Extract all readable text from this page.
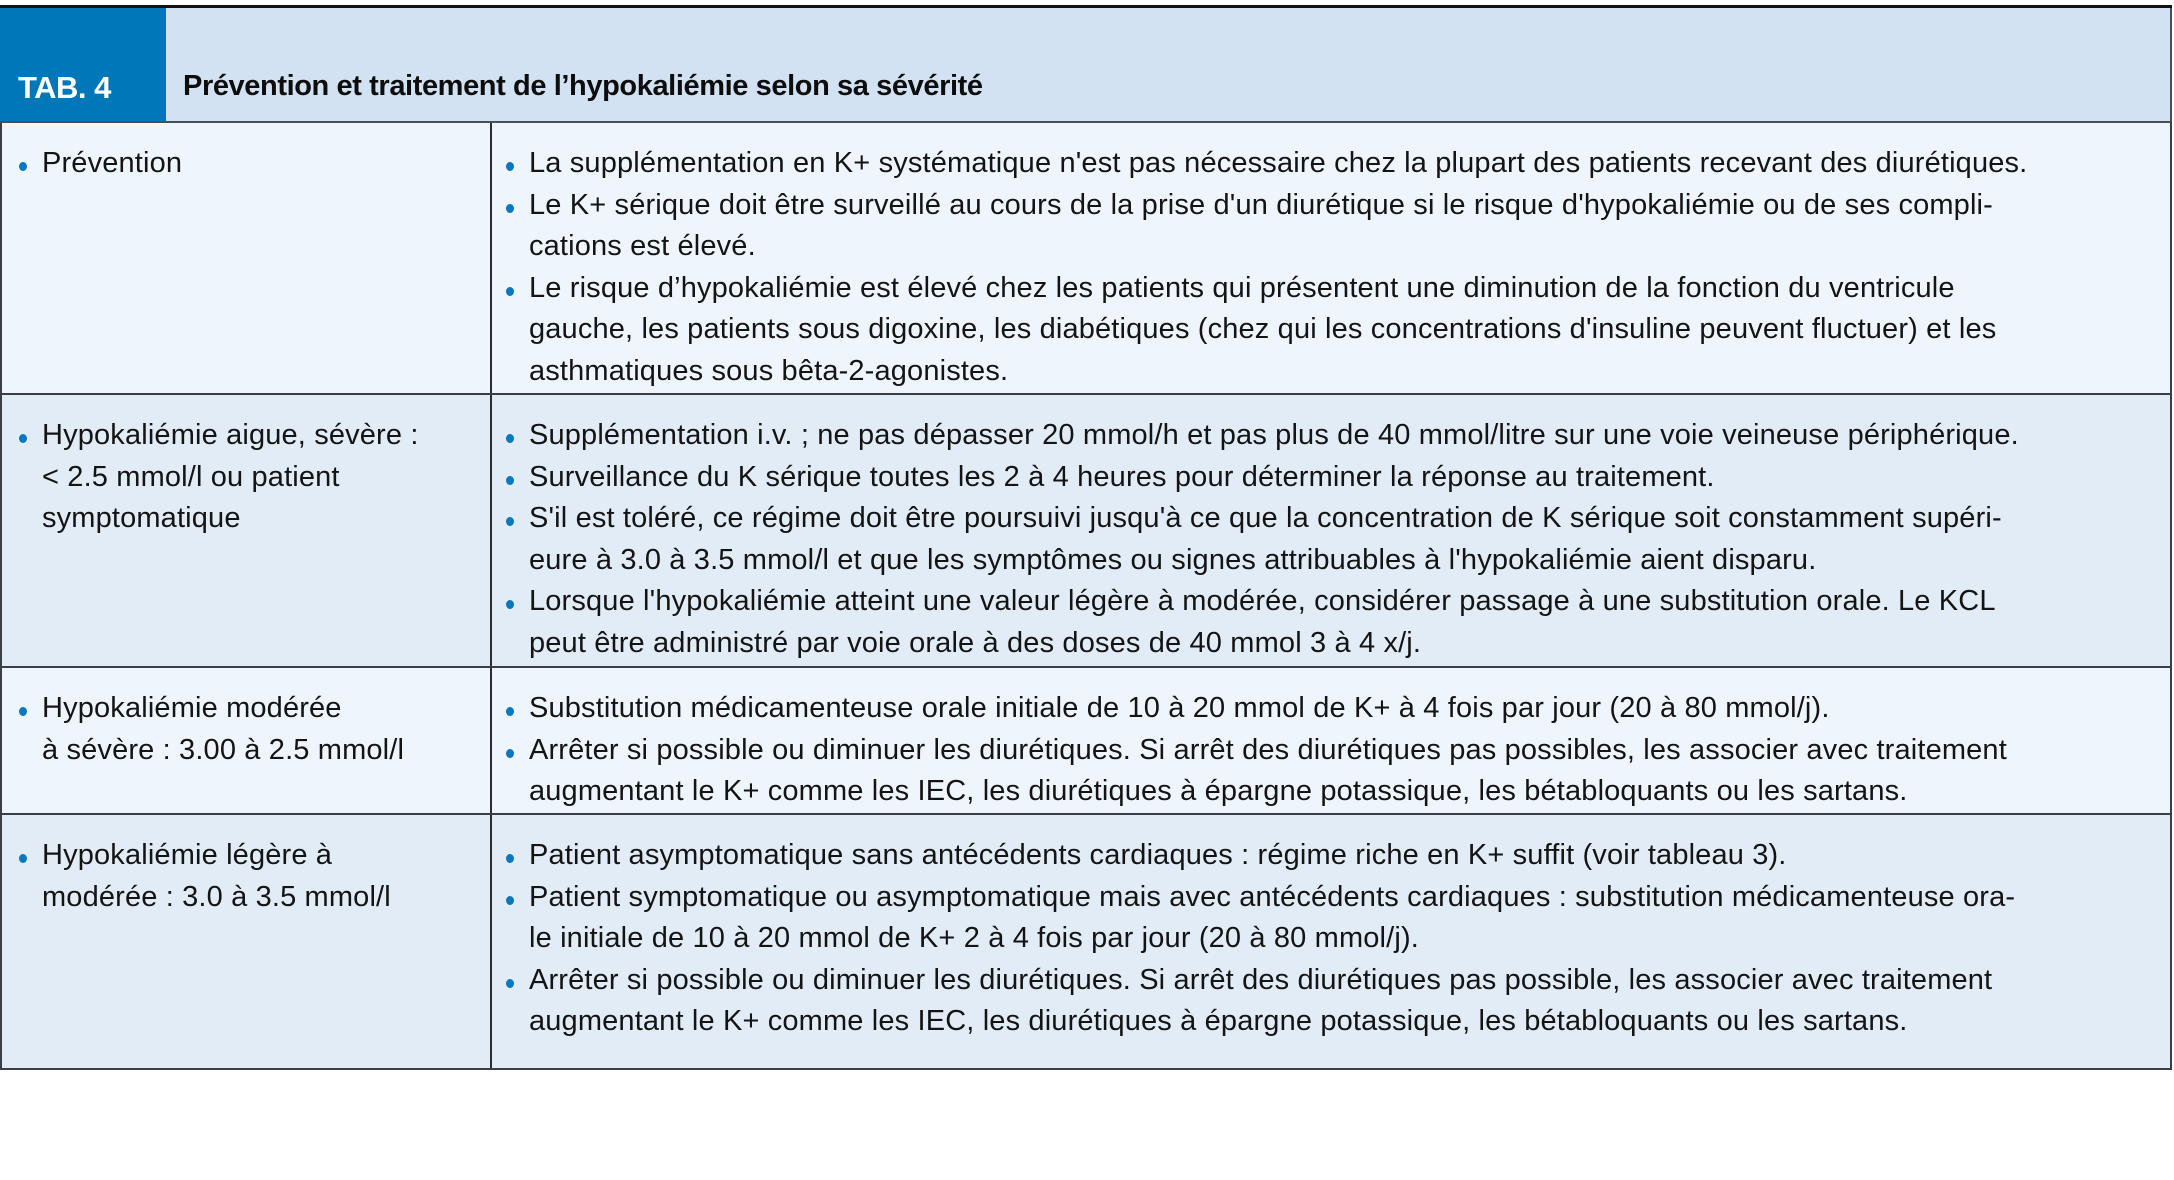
TAB. 4 Prévention et traitement de l’hypokaliémie selon sa sévérité
Prévention	La supplémentation en K+ systématique n'est pas nécessaire chez la plupart des patients recevant des diurétiques.
Le K+ sérique doit être surveillé au cours de la prise d'un diurétique si le risque d'hypokaliémie ou de ses compli-
cations est élevé.
Le risque d’hypokaliémie est élevé chez les patients qui présentent une diminution de la fonction du ventricule
gauche, les patients sous digoxine, les diabétiques (chez qui les concentrations d'insuline peuvent fluctuer) et les
asthmatiques sous bêta-2-agonistes.
Hypokaliémie aigue, sévère :
< 2.5 mmol/l ou patient
symptomatique
Supplémentation i.v. ; ne pas dépasser 20 mmol/h et pas plus de 40 mmol/litre sur une voie veineuse périphérique.
Surveillance du K sérique toutes les 2 à 4 heures pour déterminer la réponse au traitement.
S'il est toléré, ce régime doit être poursuivi jusqu'à ce que la concentration de K sérique soit constamment supéri-
eure à 3.0 à 3.5 mmol/l et que les symptômes ou signes attribuables à l'hypokaliémie aient disparu.
Lorsque l'hypokaliémie atteint une valeur légère à modérée, considérer passage à une substitution orale. Le KCL
peut être administré par voie orale à des doses de 40 mmol 3 à 4 x/j.
Hypokaliémie modérée
à sévère : 3.00 à 2.5 mmol/l
Substitution médicamenteuse orale initiale de 10 à 20 mmol de K+ à 4 fois par jour (20 à 80 mmol/j).
Arrêter si possible ou diminuer les diurétiques. Si arrêt des diurétiques pas possibles, les associer avec traitement
augmentant le K+ comme les IEC, les diurétiques à épargne potassique, les bétabloquants ou les sartans.
Hypokaliémie légère à
modérée : 3.0 à 3.5 mmol/l
Patient asymptomatique sans antécédents cardiaques : régime riche en K+ suffit (voir tableau 3).
Patient symptomatique ou asymptomatique mais avec antécédents cardiaques : substitution médicamenteuse ora-
le initiale de 10 à 20 mmol de K+ 2 à 4 fois par jour (20 à 80 mmol/j).
Arrêter si possible ou diminuer les diurétiques. Si arrêt des diurétiques pas possible, les associer avec traitement
augmentant le K+ comme les IEC, les diurétiques à épargne potassique, les bétabloquants ou les sartans.
